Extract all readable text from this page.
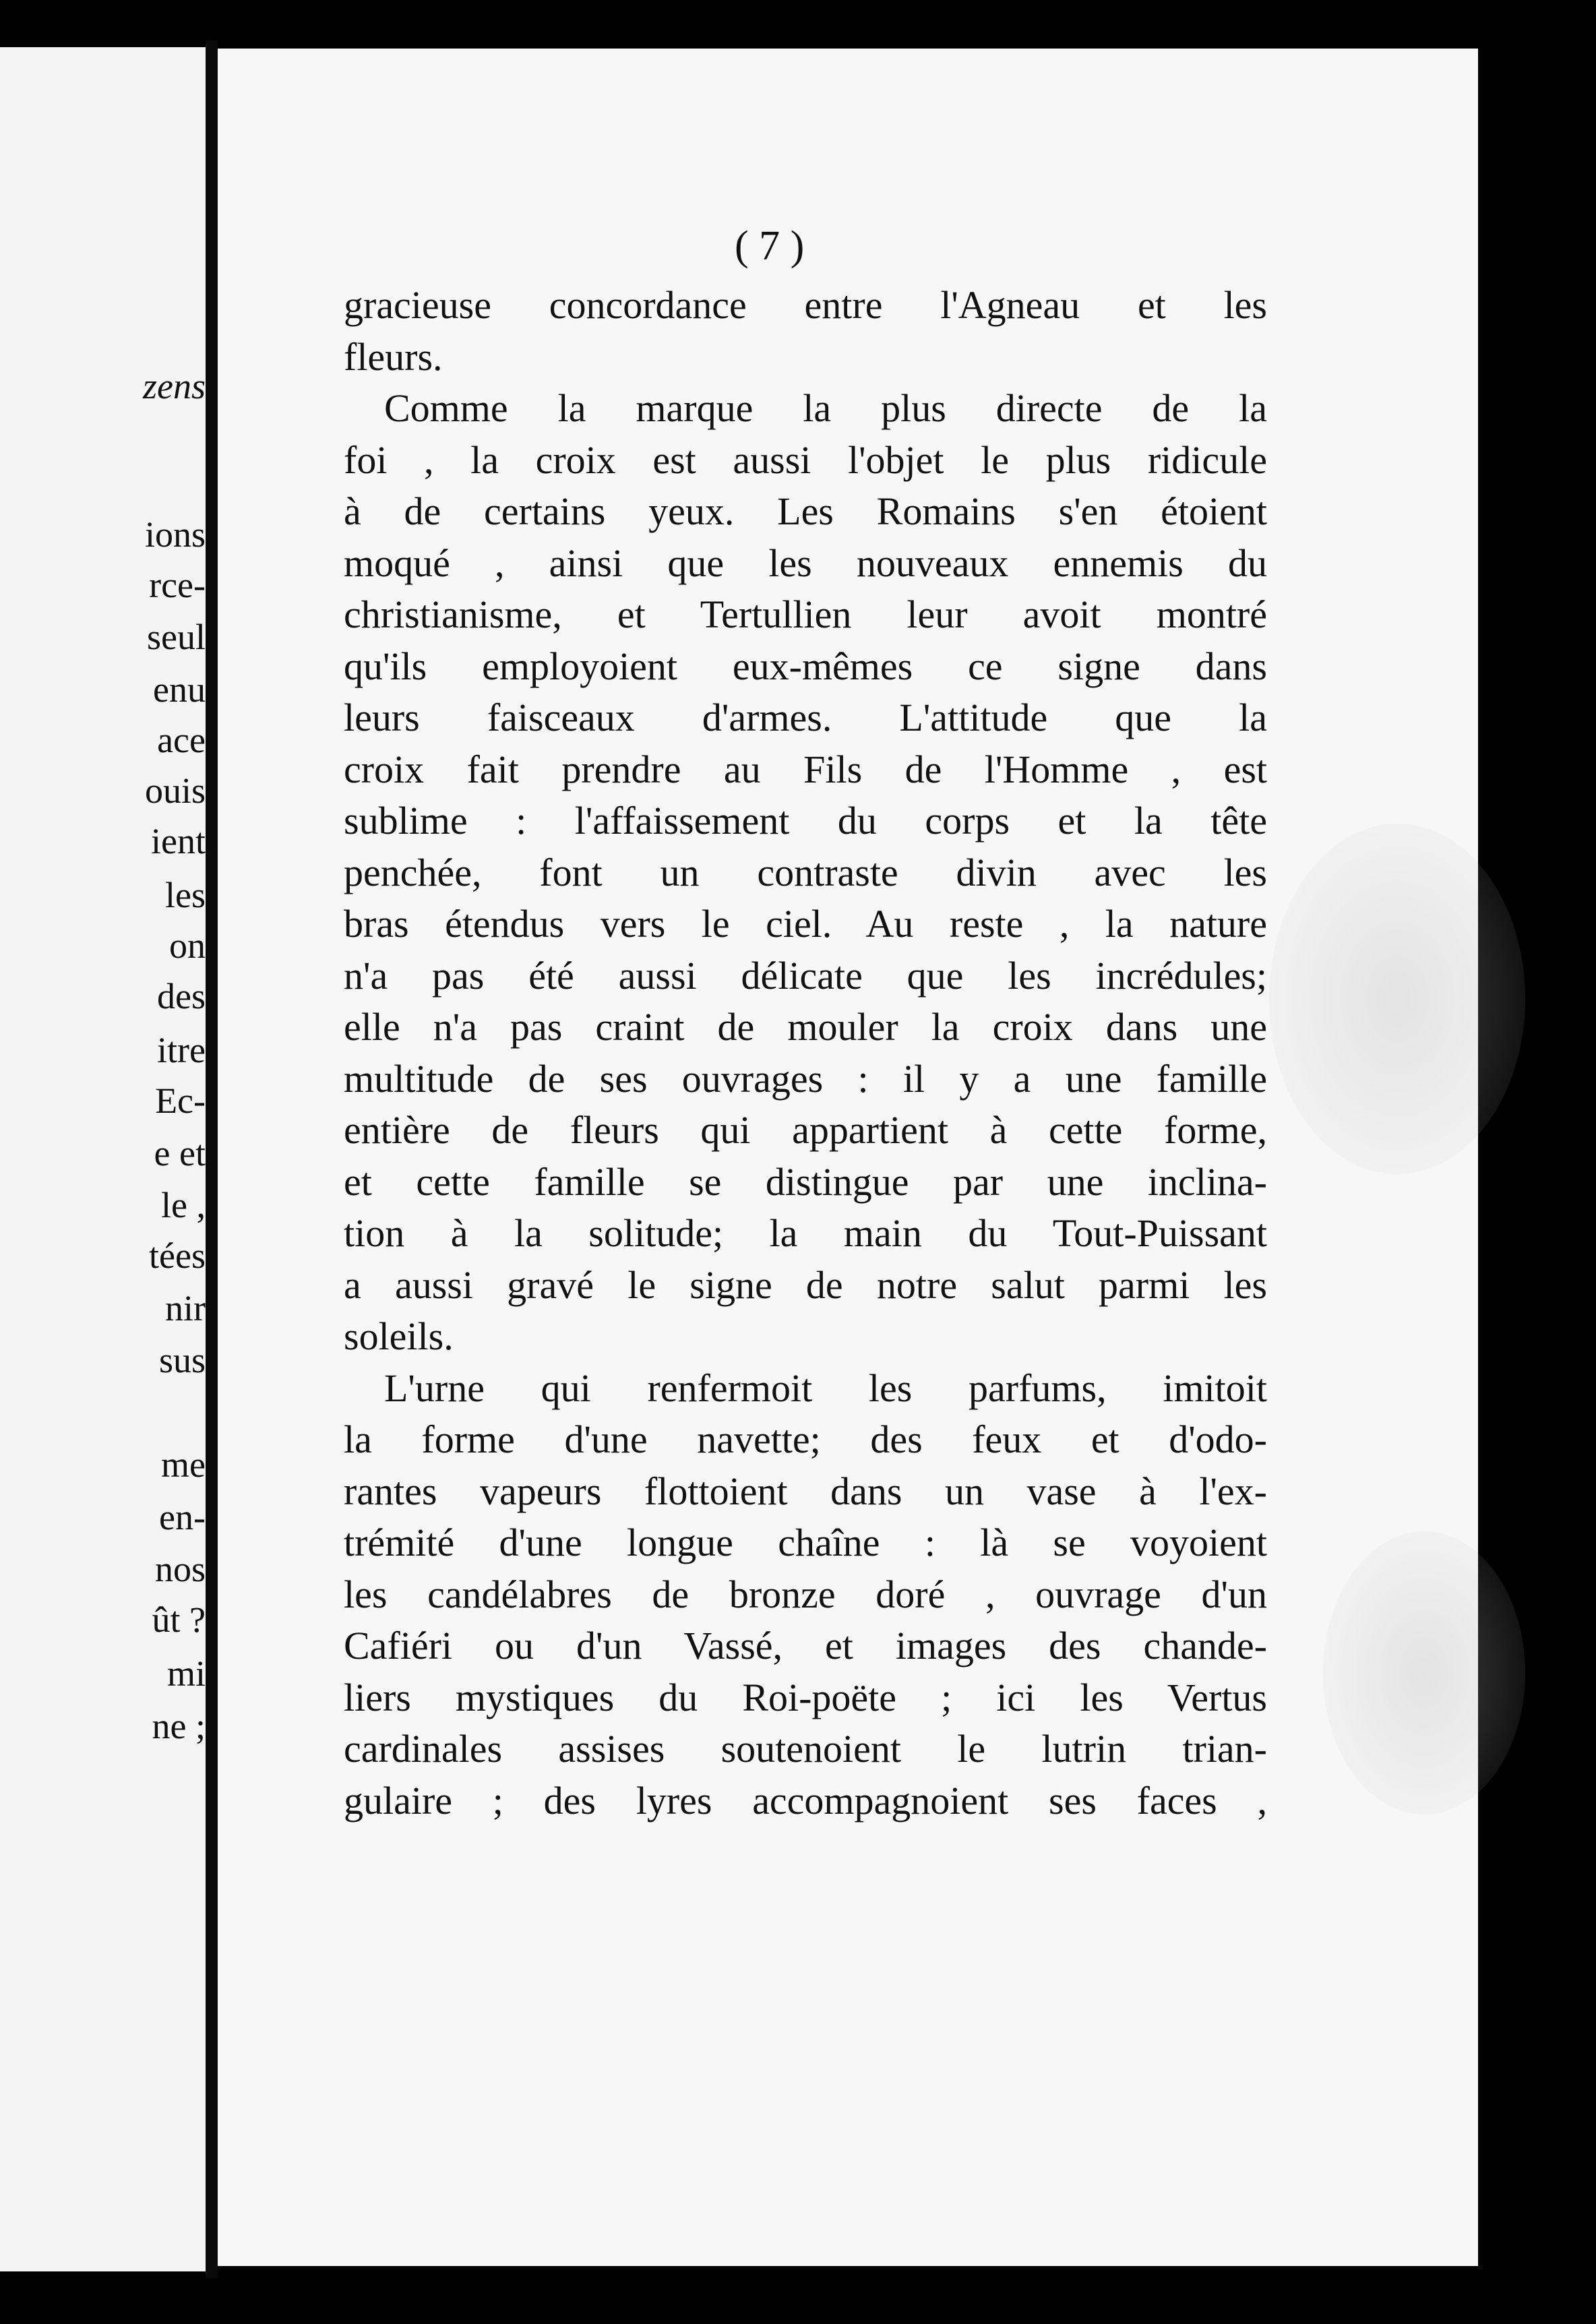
zens
ions
rce-
seul
enu
ace
ouis
ient
les
on
des
itre
Ec-
e et
le ,
tées
nir
sus
me
en-
nos
ût ?
mi
ne ;
( 7 )
gracieuse concordance entre l'Agneau et les
fleurs.
Comme la marque la plus directe de la
foi , la croix est aussi l'objet le plus ridicule
à de certains yeux. Les Romains s'en étoient
moqué , ainsi que les nouveaux ennemis du
christianisme, et Tertullien leur avoit montré
qu'ils employoient eux-mêmes ce signe dans
leurs faisceaux d'armes. L'attitude que la
croix fait prendre au Fils de l'Homme , est
sublime : l'affaissement du corps et la tête
penchée, font un contraste divin avec les
bras étendus vers le ciel. Au reste , la nature
n'a pas été aussi délicate que les incrédules;
elle n'a pas craint de mouler la croix dans une
multitude de ses ouvrages : il y a une famille
entière de fleurs qui appartient à cette forme,
et cette famille se distingue par une inclina-
tion à la solitude; la main du Tout-Puissant
a aussi gravé le signe de notre salut parmi les
soleils.
L'urne qui renfermoit les parfums, imitoit
la forme d'une navette; des feux et d'odo-
rantes vapeurs flottoient dans un vase à l'ex-
trémité d'une longue chaîne : là se voyoient
les candélabres de bronze doré , ouvrage d'un
Cafiéri ou d'un Vassé, et images des chande-
liers mystiques du Roi-poëte ; ici les Vertus
cardinales assises soutenoient le lutrin trian-
gulaire ; des lyres accompagnoient ses faces ,
